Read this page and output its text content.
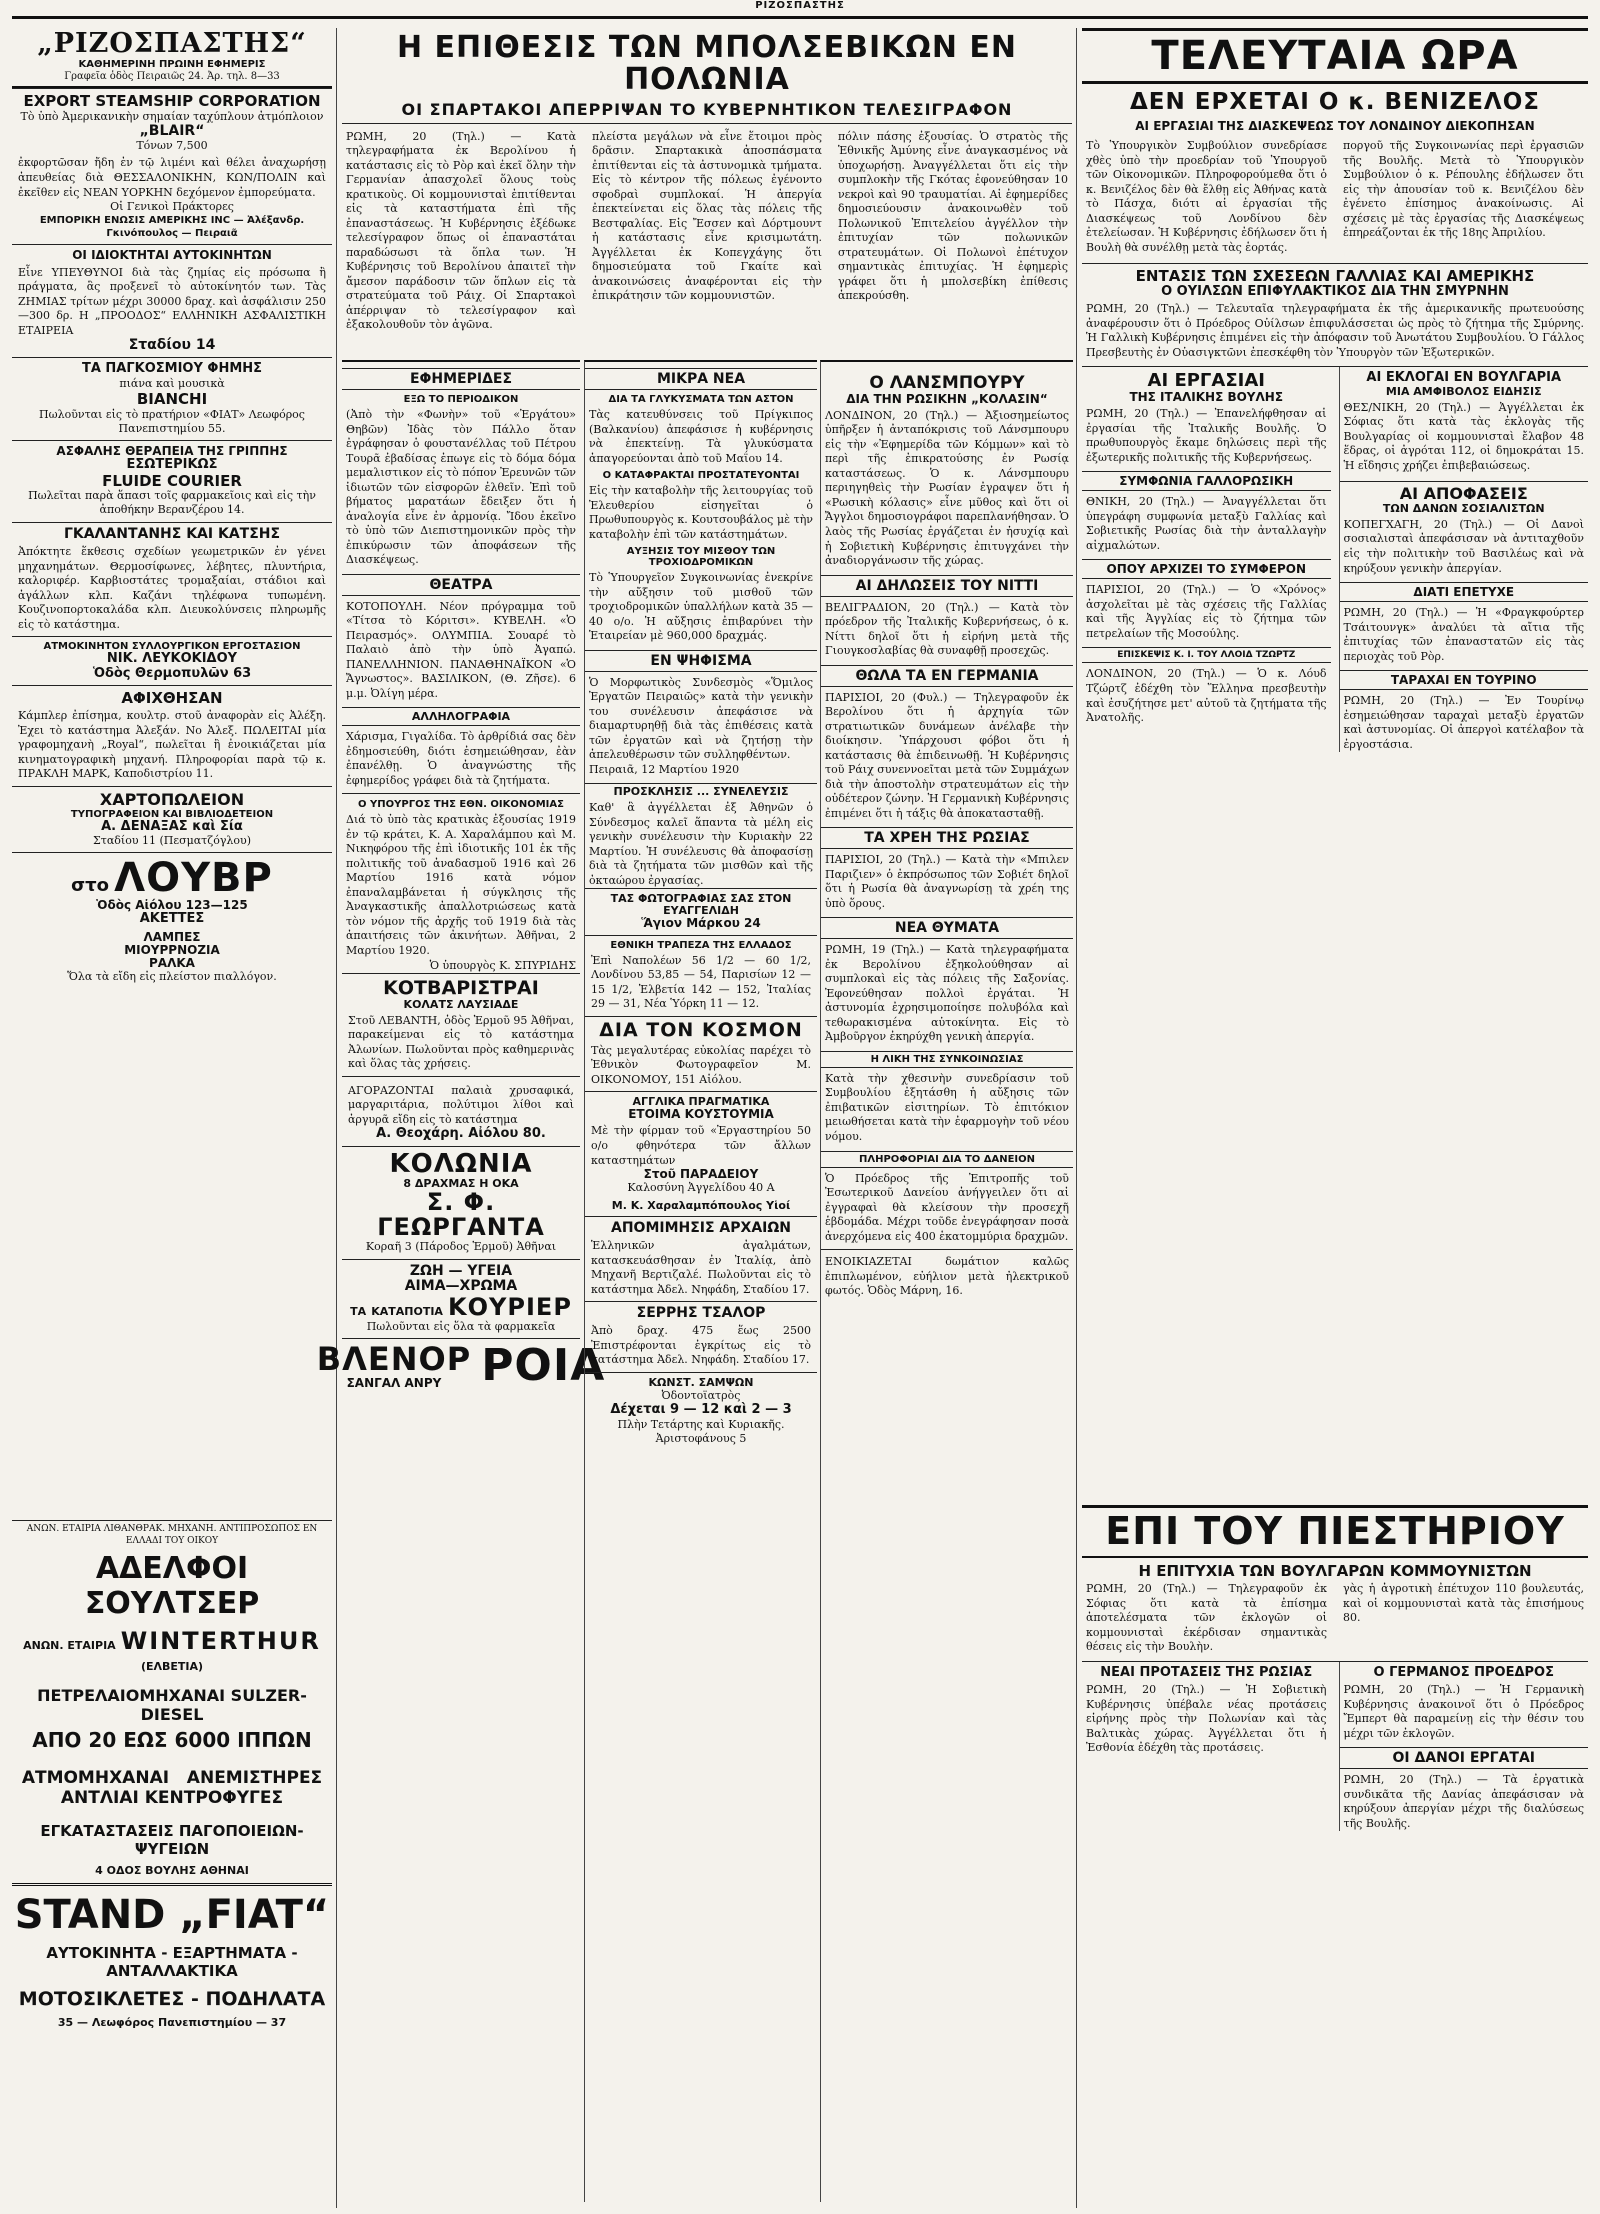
ΡΙΖΟΣΠΑΣΤΗΣ
„ΡΙΖΟΣΠΑΣΤΗΣ“
ΚΑΘΗΜΕΡΙΝΗ ΠΡΩΙΝΗ ΕΦΗΜΕΡΙΣ
Γραφεῖα ὁδὸς Πειραιῶς 24. Ἀρ. τηλ. 8—33
EXPORT STEAMSHIP CORPORATION
Τὸ ὑπὸ Ἀμερικανικὴν σημαίαν ταχύπλουν ἀτμόπλοιον
„BLAIR“
Τόνων 7,500
ἐκφορτῶσαν ἤδη ἐν τῷ λιμένι καὶ θέλει ἀναχωρήσῃ ἀπευθείας διὰ ΘΕΣΣΑΛΟΝΙΚΗΝ, ΚΩΝ/ΠΟΛΙΝ καὶ ἐκεῖθεν εἰς ΝΕΑΝ ΥΟΡΚΗΝ δεχόμενον ἐμπορεύματα.
Οἱ Γενικοὶ Πράκτορες
ΕΜΠΟΡΙΚΗ ΕΝΩΣΙΣ ΑΜΕΡΙΚΗΣ INC — Ἀλέξανδρ. Γκινόπουλος — Πειραιᾶ
ΟΙ ΙΔΙΟΚΤΗΤΑΙ ΑΥΤΟΚΙΝΗΤΩΝ
Εἶνε ΥΠΕΥΘΥΝΟΙ διὰ τὰς ζημίας εἰς πρόσωπα ἢ πράγματα, ἃς προξενεῖ τὸ αὐτοκίνητόν των. Τὰς ΖΗΜΙΑΣ τρίτων μέχρι 30000 δραχ. καὶ ἀσφάλισιν 250—300 δρ. Η „ΠΡΟΟΔΟΣ“ ΕΛΛΗΝΙΚΗ ΑΣΦΑΛΙΣΤΙΚΗ ΕΤΑΙΡΕΙΑ
Σταδίου 14
ΤΑ ΠΑΓΚΟΣΜΙΟΥ ΦΗΜΗΣ
πιάνα καὶ μουσικὰ
BIANCHI
Πωλοῦνται εἰς τὸ πρατήριον «ΦΙΑΤ» Λεωφόρος Πανεπιστημίου 55.
ΑΣΦΑΛΗΣ ΘΕΡΑΠΕΙΑ ΤΗΣ ΓΡΙΠΠΗΣ
ΕΣΩΤΕΡΙΚΩΣ
FLUIDE COURIER
Πωλεῖται παρὰ ἅπασι τοῖς φαρμακεῖοις καὶ εἰς τὴν ἀποθήκην Βερανζέρου 14.
ΓΚΑΛΑΝΤΑΝΗΣ ΚΑΙ ΚΑΤΣΗΣ
Ἀπόκτητε ἕκθεσις σχεδίων γεωμετρικῶν ἐν γένει μηχανημάτων. Θερμοσίφωνες, λέβητες, πλυντήρια, καλοριφέρ. Καρβιοστάτες τρομαξαίαι, στάδιοι καὶ ἀγάλλων κλπ. Καζάνι τηλέφωνα τυπωμένη. Κουζινοπορτοκαλάδα κλπ. Διευκολύνσεις πληρωμῆς εἰς τὸ κατάστημα.
ΑΤΜΟΚΙΝΗΤΟΝ ΣΥΛΛΟΥΡΓΙΚΟΝ ΕΡΓΟΣΤΑΣΙΟΝ
ΝΙΚ. ΛΕΥΚΟΚΙΔΟΥ
Ὁδὸς Θερμοπυλῶν 63
ΑΦΙΧΘΗΣΑΝ
Κάμπλερ ἐπίσημα, κουλτρ. στοῦ ἀναφορὰν εἰς Ἀλέξη. Ἐχει τὸ κατάστημα Ἀλεξάν. Νο Ἀλεξ. ΠΩΛΕΙΤΑΙ μία γραφομηχανὴ „Royal“, πωλεῖται ἢ ἐνοικιάζεται μία κινηματογραφικὴ μηχανή. Πληροφορίαι παρὰ τῷ κ. ΠΡΑΚΛΗ ΜΑΡΚ, Καποδιστρίου 11.
ΧΑΡΤΟΠΩΛΕΙΟΝ
ΤΥΠΟΓΡΑΦΕΙΟΝ ΚΑΙ ΒΙΒΛΙΟΔΕΤΕΙΟΝ
Α. ΔΕΝΑΞΑΣ καὶ Σία
Σταδίου 11 (Πεσματζόγλου)
στο ΛΟΥΒΡ
Ὁδὸς Αἰόλου 123—125
ΑΚΕΤΤΕΣ
ΛΑΜΠΕΣ
ΜΙΟΥΡΡΝΟΖΙΑ
ΡΑΛΚΑ
Ὅλα τὰ εἴδη εἰς πλείστον πιαλλόγον.
ΑΝΩΝ. ΕΤΑΙΡΙΑ ΛΙΘΑΝΘΡΑΚ. ΜΗΧΑΝΗ. ΑΝΤΙΠΡΟΣΩΠΟΣ ΕΝ ΕΛΛΑΔΙ ΤΟΥ ΟΙΚΟΥ
ΑΔΕΛΦΟΙ ΣΟΥΛΤΣΕΡ
ΑΝΩΝ. ΕΤΑΙΡΙΑ WINTERTHUR (ΕΛΒΕΤΙΑ)
ΠΕΤΡΕΛΑΙΟΜΗΧΑΝΑΙ SULZER-DIESEL
ΑΠΟ 20 ΕΩΣ 6000 ΙΠΠΩΝ
ΑΤΜΟΜΗΧΑΝΑΙ   ΑΝΕΜΙΣΤΗΡΕΣ
ΑΝΤΛΙΑΙ ΚΕΝΤΡΟΦΥΓΕΣ
ΕΓΚΑΤΑΣΤΑΣΕΙΣ ΠΑΓΟΠΟΙΕΙΩΝ-ΨΥΓΕΙΩΝ
4 ΟΔΟΣ ΒΟΥΛΗΣ ΑΘΗΝΑΙ
STAND „FIAT“
ΑΥΤΟΚΙΝΗΤΑ - ΕΞΑΡΤΗΜΑΤΑ - ΑΝΤΑΛΛΑΚΤΙΚΑ
ΜΟΤΟΣΙΚΛΕΤΕΣ - ΠΟΔΗΛΑΤΑ
35 — Λεωφόρος Πανεπιστημίου — 37
Η ΕΠΙΘΕΣΙΣ ΤΩΝ ΜΠΟΛΣΕΒΙΚΩΝ ΕΝ ΠΟΛΩΝΙΑ
ΟΙ ΣΠΑΡΤΑΚΟΙ ΑΠΕΡΡΙΨΑΝ ΤΟ ΚΥΒΕΡΝΗΤΙΚΟΝ ΤΕΛΕΣΙΓΡΑΦΟΝ
ΡΩΜΗ, 20 (Τηλ.) — Κατὰ τηλεγραφήματα ἐκ Βερολίνου ἡ κατάστασις εἰς τὸ Ρὸρ καὶ ἐκεῖ ὅλην τὴν Γερμανίαν ἀπασχολεῖ ὅλους τοὺς κρατικοὺς. Οἱ κομμουνισταὶ ἐπιτίθενται εἰς τὰ καταστήματα ἐπὶ τῆς ἐπαναστάσεως. Ἡ Κυβέρνησις ἐξέδωκε τελεσίγραφον ὅπως οἱ ἐπαναστάται παραδώσωσι τὰ ὅπλα των. Ἡ Κυβέρνησις τοῦ Βερολίνου ἀπαιτεῖ τὴν ἄμεσον παράδοσιν τῶν ὅπλων εἰς τὰ στρατεύματα τοῦ Ράιχ. Οἱ Σπαρτακοὶ ἀπέρριψαν τὸ τελεσίγραφον καὶ ἐξακολουθοῦν τὸν ἀγῶνα.
πλείστα μεγάλων νὰ εἶνε ἕτοιμοι πρὸς δρᾶσιν. Σπαρτακικὰ ἀποσπάσματα ἐπιτίθενται εἰς τὰ ἀστυνομικὰ τμήματα. Εἰς τὸ κέντρον τῆς πόλεως ἐγένοντο σφοδραὶ συμπλοκαί. Ἡ ἀπεργία ἐπεκτείνεται εἰς ὅλας τὰς πόλεις τῆς Βεστφαλίας. Εἰς Ἔσσεν καὶ Δόρτμουντ ἡ κατάστασις εἶνε κρισιμωτάτη. Ἀγγέλλεται ἐκ Κοπεγχάγης ὅτι δημοσιεύματα τοῦ Γκαίτε καὶ ἀνακοινώσεις ἀναφέρονται εἰς τὴν ἐπικράτησιν τῶν κομμουνιστῶν.
πόλιν πάσης ἐξουσίας. Ὁ στρατὸς τῆς Ἑθνικῆς Ἀμύνης εἶνε ἀναγκασμένος νὰ ὑποχωρήσῃ. Ἀναγγέλλεται ὅτι εἰς τὴν συμπλοκὴν τῆς Γκότας ἐφονεύθησαν 10 νεκροὶ καὶ 90 τραυματίαι. Αἱ ἐφημερίδες δημοσιεύουσιν ἀνακοινωθὲν τοῦ Πολωνικοῦ Ἐπιτελείου ἀγγέλλον τὴν ἐπιτυχίαν τῶν πολωνικῶν στρατευμάτων. Οἱ Πολωνοὶ ἐπέτυχον σημαντικὰς ἐπιτυχίας. Ἡ ἐφημερὶς γράφει ὅτι ἡ μπολσεβίκη ἐπίθεσις ἀπεκρούσθη.
ΕΦΗΜΕΡΙΔΕΣ
ΕΞΩ ΤΟ ΠΕΡΙΟΔΙΚΟΝ
(Ἀπὸ τὴν «Φωνὴν» τοῦ «Ἐργάτου» Θηβῶν) Ἰδὰς τὸν Πάλλο ὅταν ἐγράφησαν ὁ φουστανέλλας τοῦ Πέτρου Τουρᾶ ἐβαδίσας ἐπωγε εἰς τὸ δόμα δόμα μεμαλιστικον εἰς τὸ πόπον Ἐρευνῶν τῶν ἰδιωτῶν τῶν εἰσφορῶν ἐλθεῖν. Ἐπὶ τοῦ βήματος μαρατάων ἔδειξεν ὅτι ἡ ἀναλογία εἶνε ἐν ἀρμονίᾳ. Ἴδου ἐκεῖνο τὸ ὑπὸ τῶν Διεπιστημονικῶν πρὸς τὴν ἐπικύρωσιν τῶν ἀποφάσεων τῆς Διασκέψεως.
ΘΕΑΤΡΑ
ΚΟΤΟΠΟΥΛΗ. Νέον πρόγραμμα τοῦ «Τίτσα τὸ Κόριτσι». ΚΥΒΕΛΗ. «Ὁ Πειρασμός». ΟΛΥΜΠΙΑ. Σουαρέ τὸ Παλαιὸ ἀπὸ τὴν ὑπὸ Ἀγαπώ. ΠΑΝΕΛΛΗΝΙΟΝ. ΠΑΝΑΘΗΝΑΪΚΟΝ «Ὁ Ἄγνωστος». ΒΑΣΙΛΙΚΟΝ, (Θ. Ζῆσε). 6 μ.μ. Ὀλίγη μέρα.
ΑΛΛΗΛΟΓΡΑΦΙΑ
Χάρισμα, Γιγαλίδα. Τὸ ἀρθρίδιά σας δὲν ἐδημοσιεύθη, διότι ἐσημειώθησαν, ἐὰν ἐπανέλθῃ. Ὁ ἀναγνώστης τῆς ἐφημερίδος γράφει διὰ τὰ ζητήματα.
Ο ΥΠΟΥΡΓΟΣ ΤΗΣ ΕΘΝ. ΟΙΚΟΝΟΜΙΑΣ
Διά τὸ ὑπὸ τὰς κρατικὰς ἐξουσίας 1919 ἐν τῷ κράτει, Κ. Α. Χαραλάμπου καὶ Μ. Νικηφόρου τῆς ἐπὶ ἰδιοτικῆς 101 ἐκ τῆς πολιτικῆς τοῦ ἀναδασμοῦ 1916 καὶ 26 Μαρτίου 1916 κατὰ νόμον ἐπαναλαμβάνεται ἡ σύγκλησις τῆς Ἀναγκαστικῆς ἀπαλλοτριώσεως κατὰ τὸν νόμον τῆς ἀρχῆς τοῦ 1919 διὰ τὰς ἀπαιτήσεις τῶν ἀκινήτων. Ἀθῆναι, 2 Μαρτίου 1920.
Ὁ ὑπουργὸς Κ. ΣΠΥΡΙΔΗΣ
ΚΟΤΒΑΡΙΣΤΡΑΙ
ΚΟΛΑΤΣ ΛΑΥΣΙΑΔΕ
Στοῦ ΛΕΒΑΝΤΗ, ὁδὸς Ἑρμοῦ 95 Ἀθῆναι, παρακείμεναι εἰς τὸ κατάστημα Ἀλωνίων. Πωλοῦνται πρὸς καθημερινὰς καὶ ὅλας τὰς χρήσεις.
ΑΓΟΡΑΖΟΝΤΑΙ παλαιὰ χρυσαφικά, μαργαριτάρια, πολύτιμοι λίθοι καὶ ἀργυρᾶ εἴδη εἰς τὸ κατάστημα
Α. Θεοχάρη. Αἰόλου 80.
ΚΟΛΩΝΙΑ
8 ΔΡΑΧΜΑΣ Η ΟΚΑ
Σ. Φ. ΓΕΩΡΓΑΝΤΑ
Κοραῆ 3 (Πάροδος Ἑρμοῦ) Ἀθῆναι
ΖΩΗ — ΥΓΕΙΑ
ΑΙΜΑ—ΧΡΩΜΑ
ΤΑ ΚΑΤΑΠΟΤΙΑ ΚΟΥΡΙΕΡ
Πωλοῦνται εἰς ὅλα τὰ φαρμακεῖα
ΒΛΕΝΟΡ
ΣΑΝΓΑΛ ΑΝΡΥ ΡΟΙΑ
ΜΙΚΡΑ ΝΕΑ
ΔΙΑ ΤΑ ΓΛΥΚΥΣΜΑΤΑ ΤΩΝ ΑΣΤΟΝ
Τὰς κατευθύνσεις τοῦ Πρίγκιπος (Βαλκανίου) ἀπεφάσισε ἡ κυβέρνησις νὰ ἐπεκτείνῃ. Τὰ γλυκύσματα ἀπαγορεύονται ἀπὸ τοῦ Μαΐου 14.
Ο ΚΑΤΑΦΡΑΚΤΑΙ ΠΡΟΣΤΑΤΕΥΟΝΤΑΙ
Εἰς τὴν καταβολὴν τῆς λειτουργίας τοῦ Ἐλευθερίου εἰσηγεῖται ὁ Πρωθυπουργὸς κ. Κουτσουβάλος μὲ τὴν καταβολὴν ἐπὶ τῶν κατάστημάτων.
ΑΥΞΗΣΙΣ ΤΟΥ ΜΙΣΘΟΥ ΤΩΝ ΤΡΟΧΙΟΔΡΟΜΙΚΩΝ
Τὸ Ὑπουργεῖον Συγκοινωνίας ἐνεκρίνε τὴν αὔξησιν τοῦ μισθοῦ τῶν τροχιοδρομικῶν ὑπαλλήλων κατὰ 35 — 40 ο/ο. Ἡ αὔξησις ἐπιβαρύνει τὴν Ἑταιρείαν μὲ 960,000 δραχμάς.
ΕΝ ΨΗΦΙΣΜΑ
Ὁ Μορφωτικὸς Συνδεσμὸς «Ὅμιλος Ἐργατῶν Πειραιῶς» κατὰ τὴν γενικὴν του συνέλευσιν ἀπεφάσισε νὰ διαμαρτυρηθῇ διὰ τὰς ἐπιθέσεις κατὰ τῶν ἐργατῶν καὶ νὰ ζητήσῃ τὴν ἀπελευθέρωσιν τῶν συλληφθέντων.
Πειραιᾶ, 12 Μαρτίου 1920
ΠΡΟΣΚΛΗΣΙΣ ... ΣΥΝΕΛΕΥΣΙΣ
Καθ' ἃ ἀγγέλλεται ἐξ Ἀθηνῶν ὁ Σύνδεσμος καλεῖ ἅπαντα τὰ μέλη εἰς γενικὴν συνέλευσιν τὴν Κυριακὴν 22 Μαρτίου. Ἡ συνέλευσις θὰ ἀποφασίσῃ διὰ τὰ ζητήματα τῶν μισθῶν καὶ τῆς ὀκταώρου ἐργασίας.
ΤΑΣ ΦΩΤΟΓΡΑΦΙΑΣ ΣΑΣ ΣΤΟΝ ΕΥΑΓΓΕΛΙΔΗ
Ἅγιον Μάρκου 24
ΕΘΝΙΚΗ ΤΡΑΠΕΖΑ ΤΗΣ ΕΛΛΑΔΟΣ
Ἐπὶ Ναπολέων 56 1/2 — 60 1/2, Λονδίνου 53,85 — 54, Παρισίων 12 — 15 1/2, Ἑλβετία 142 — 152, Ἰταλίας 29 — 31, Νέα Ὑόρκη 11 — 12.
ΔΙΑ ΤΟΝ ΚΟΣΜΟΝ
Τὰς μεγαλυτέρας εὐκολίας παρέχει τὸ Ἐθνικὸν Φωτογραφεῖον Μ. ΟΙΚΟΝΟΜΟΥ, 151 Αἰόλου.
ΑΓΓΛΙΚΑ ΠΡΑΓΜΑΤΙΚΑ
ΕΤΟΙΜΑ ΚΟΥΣΤΟΥΜΙΑ
Μὲ τὴν φίρμαν τοῦ «Ἐργαστηρίου 50 ο/ο φθηνότερα τῶν ἄλλων καταστημάτων
Στοῦ ΠΑΡΑΔΕΙΟΥ
Καλοσύνη Ἀγγελίδου 40 Α
Μ. Κ. Χαραλαμπόπουλος Υἱοί
ΑΠΟΜΙΜΗΣΙΣ ΑΡΧΑΙΩΝ
Ἑλληνικῶν ἀγαλμάτων, κατασκευάσθησαν ἐν Ἰταλίᾳ, ἀπὸ Μηχανῆ Βερτιζαλέ. Πωλοῦνται εἰς τὸ κατάστημα Ἀδελ. Νηφάδη, Σταδίου 17.
ΣΕΡΡΗΣ ΤΣΑΛΟΡ
Ἀπὸ δραχ. 475 ἕως 2500 Ἐπιστρέφονται ἐγκρίτως εἰς τὸ κατάστημα Ἀδελ. Νηφάδη. Σταδίου 17.
ΚΩΝΣΤ. ΣΑΜΨΩΝ
Ὀδοντοϊατρὸς
Δέχεται 9 — 12 καὶ 2 — 3
Πλὴν Τετάρτης καὶ Κυριακῆς. Ἀριστοφάνους 5
Ο ΛΑΝΣΜΠΟΥΡΥ
ΔΙΑ ΤΗΝ ΡΩΣΙΚΗΝ „ΚΟΛΑΣΙΝ“
ΛΟΝΔΙΝΟΝ, 20 (Τηλ.) — Ἀξιοσημείωτος ὑπῆρξεν ἡ ἀνταπόκρισις τοῦ Λάνσμπουρυ εἰς τὴν «Ἐφημερίδα τῶν Κόμμων» καὶ τὸ περὶ τῆς ἐπικρατούσης ἐν Ρωσίᾳ καταστάσεως. Ὁ κ. Λάνσμπουρυ περιηγηθεὶς τὴν Ρωσίαν ἐγραψεν ὅτι ἡ «Ρωσικὴ κόλασις» εἶνε μῦθος καὶ ὅτι οἱ Ἄγγλοι δημοσιογράφοι παρεπλανήθησαν. Ὁ λαὸς τῆς Ρωσίας ἐργάζεται ἐν ἡσυχίᾳ καὶ ἡ Σοβιετικὴ Κυβέρνησις ἐπιτυγχάνει τὴν ἀναδιοργάνωσιν τῆς χώρας.
ΑΙ ΔΗΛΩΣΕΙΣ ΤΟΥ ΝΙΤΤΙ
ΒΕΛΙΓΡΑΔΙΟΝ, 20 (Τηλ.) — Κατὰ τὸν πρόεδρον τῆς Ἰταλικῆς Κυβερνήσεως, ὁ κ. Νίττι δηλοῖ ὅτι ἡ εἰρήνη μετὰ τῆς Γιουγκοσλαβίας θὰ συναφθῇ προσεχῶς.
ΘΩΛΑ ΤΑ ΕΝ ΓΕΡΜΑΝΙΑ
ΠΑΡΙΣΙΟΙ, 20 (Φυλ.) — Τηλεγραφοῦν ἐκ Βερολίνου ὅτι ἡ ἀρχηγία τῶν στρατιωτικῶν δυνάμεων ἀνέλαβε τὴν διοίκησιν. Ὑπάρχουσι φόβοι ὅτι ἡ κατάστασις θὰ ἐπιδεινωθῇ. Ἡ Κυβέρνησις τοῦ Ράιχ συνεννοεῖται μετὰ τῶν Συμμάχων διὰ τὴν ἀποστολὴν στρατευμάτων εἰς τὴν οὐδέτερον ζώνην. Ἡ Γερμανικὴ Κυβέρνησις ἐπιμένει ὅτι ἡ τάξις θὰ ἀποκατασταθῇ.
ΤΑ ΧΡΕΗ ΤΗΣ ΡΩΣΙΑΣ
ΠΑΡΙΣΙΟΙ, 20 (Τηλ.) — Κατὰ τὴν «Μπιλεν Παριζιεν» ὁ ἐκπρόσωπος τῶν Σοβιέτ δηλοῖ ὅτι ἡ Ρωσία θὰ ἀναγνωρίσῃ τὰ χρέη της ὑπὸ ὅρους.
ΝΕΑ ΘΥΜΑΤΑ
ΡΩΜΗ, 19 (Τηλ.) — Κατὰ τηλεγραφήματα ἐκ Βερολίνου ἐξηκολούθησαν αἱ συμπλοκαὶ εἰς τὰς πόλεις τῆς Σαξονίας. Ἐφονεύθησαν πολλοὶ ἐργάται. Ἡ ἀστυνομία ἐχρησιμοποίησε πολυβόλα καὶ τεθωρακισμένα αὐτοκίνητα. Εἰς τὸ Ἀμβοῦργον ἐκηρύχθη γενικὴ ἀπεργία.
Η ΛΙΚΗ ΤΗΣ ΣΥΝΚΟΙΝΩΣΙΑΣ
Κατὰ τὴν χθεσινὴν συνεδρίασιν τοῦ Συμβουλίου ἐξητάσθη ἡ αὔξησις τῶν ἐπιβατικῶν εἰσιτηρίων. Τὸ ἐπιτόκιον μειωθήσεται κατὰ τὴν ἐφαρμογὴν τοῦ νέου νόμου.
ΠΛΗΡΟΦΟΡΙΑΙ ΔΙΑ ΤΟ ΔΑΝΕΙΟΝ
Ὁ Πρόεδρος τῆς Ἐπιτροπῆς τοῦ Ἐσωτερικοῦ Δανείου ἀνήγγειλεν ὅτι αἱ ἐγγραφαὶ θὰ κλείσουν τὴν προσεχῆ ἑβδομάδα. Μέχρι τοῦδε ἐνεγράφησαν ποσὰ ἀνερχόμενα εἰς 400 ἑκατομμύρια δραχμῶν.
ΕΝΟΙΚΙΑΖΕΤΑΙ δωμάτιον καλῶς ἐπιπλωμένον, εὐήλιον μετὰ ἠλεκτρικοῦ φωτός. Ὁδὸς Μάρνη, 16.
ΤΕΛΕΥΤΑΙΑ ΩΡΑ
ΔΕΝ ΕΡΧΕΤΑΙ Ο κ. ΒΕΝΙΖΕΛΟΣ
ΑΙ ΕΡΓΑΣΙΑΙ ΤΗΣ ΔΙΑΣΚΕΨΕΩΣ ΤΟΥ ΛΟΝΔΙΝΟΥ ΔΙΕΚΟΠΗΣΑΝ
Τὸ Ὑπουργικὸν Συμβούλιον συνεδρίασε χθὲς ὑπὸ τὴν προεδρίαν τοῦ Ὑπουργοῦ τῶν Οἰκονομικῶν. Πληροφορούμεθα ὅτι ὁ κ. Βενιζέλος δὲν θὰ ἔλθῃ εἰς Ἀθήνας κατὰ τὸ Πάσχα, διότι αἱ ἐργασίαι τῆς Διασκέψεως τοῦ Λονδίνου δὲν ἐτελείωσαν. Ἡ Κυβέρνησις ἐδήλωσεν ὅτι ἡ Βουλὴ θὰ συνέλθῃ μετὰ τὰς ἑορτάς.
ποργοῦ τῆς Συγκοινωνίας περὶ ἐργασιῶν τῆς Βουλῆς. Μετὰ τὸ Ὑπουργικὸν Συμβούλιον ὁ κ. Ρέπουλης ἐδήλωσεν ὅτι εἰς τὴν ἀπουσίαν τοῦ κ. Βενιζέλου δὲν ἐγένετο ἐπίσημος ἀνακοίνωσις. Αἱ σχέσεις μὲ τὰς ἐργασίας τῆς Διασκέψεως ἐπηρεάζονται ἐκ τῆς 18ης Ἀπριλίου.
ΕΝΤΑΣΙΣ ΤΩΝ ΣΧΕΣΕΩΝ ΓΑΛΛΙΑΣ ΚΑΙ ΑΜΕΡΙΚΗΣ
Ο ΟΥΙΛΣΩΝ ΕΠΙΦΥΛΑΚΤΙΚΟΣ ΔΙΑ ΤΗΝ ΣΜΥΡΝΗΝ
ΡΩΜΗ, 20 (Τηλ.) — Τελευταῖα τηλεγραφήματα ἐκ τῆς ἀμερικανικῆς πρωτευούσης ἀναφέρουσιν ὅτι ὁ Πρόεδρος Οὐίλσων ἐπιφυλάσσεται ὡς πρὸς τὸ ζήτημα τῆς Σμύρνης. Ἡ Γαλλικὴ Κυβέρνησις ἐπιμένει εἰς τὴν ἀπόφασιν τοῦ Ἀνωτάτου Συμβουλίου. Ὁ Γάλλος Πρεσβευτὴς ἐν Οὐασιγκτῶνι ἐπεσκέφθη τὸν Ὑπουργὸν τῶν Ἐξωτερικῶν.
ΑΙ ΕΡΓΑΣΙΑΙ
ΤΗΣ ΙΤΑΛΙΚΗΣ ΒΟΥΛΗΣ
ΡΩΜΗ, 20 (Τηλ.) — Ἐπανελήφθησαν αἱ ἐργασίαι τῆς Ἰταλικῆς Βουλῆς. Ὁ πρωθυπουργὸς ἔκαμε δηλώσεις περὶ τῆς ἐξωτερικῆς πολιτικῆς τῆς Κυβερνήσεως.
ΣΥΜΦΩΝΙΑ ΓΑΛΛΟΡΩΣΙΚΗ
ΘΝΙΚΗ, 20 (Τηλ.) — Ἀναγγέλλεται ὅτι ὑπεγράφη συμφωνία μεταξὺ Γαλλίας καὶ Σοβιετικῆς Ρωσίας διὰ τὴν ἀνταλλαγὴν αἰχμαλώτων.
ΟΠΟΥ ΑΡΧΙΖΕΙ ΤΟ ΣΥΜΦΕΡΟΝ
ΠΑΡΙΣΙΟΙ, 20 (Τηλ.) — Ὁ «Χρόνος» ἀσχολεῖται μὲ τὰς σχέσεις τῆς Γαλλίας καὶ τῆς Ἀγγλίας εἰς τὸ ζήτημα τῶν πετρελαίων τῆς Μοσούλης.
ΕΠΙΣΚΕΨΙΣ Κ. Ι. ΤΟΥ ΛΛΟΙΔ ΤΖΩΡΤΖ
ΛΟΝΔΙΝΟΝ, 20 (Τηλ.) — Ὁ κ. Λόυδ Τζώρτζ ἐδέχθη τὸν Ἕλληνα πρεσβευτὴν καὶ ἐσυζήτησε μετ' αὐτοῦ τὰ ζητήματα τῆς Ἀνατολῆς.
ΑΙ ΕΚΛΟΓΑΙ ΕΝ ΒΟΥΛΓΑΡΙΑ
ΜΙΑ ΑΜΦΙΒΟΛΟΣ ΕΙΔΗΣΙΣ
ΘΕΣ/ΝΙΚΗ, 20 (Τηλ.) — Ἀγγέλλεται ἐκ Σόφιας ὅτι κατὰ τὰς ἐκλογὰς τῆς Βουλγαρίας οἱ κομμουνισταὶ ἔλαβον 48 ἕδρας, οἱ ἀγρόται 112, οἱ δημοκράται 15. Ἡ εἴδησις χρήζει ἐπιβεβαιώσεως.
ΑΙ ΑΠΟΦΑΣΕΙΣ
ΤΩΝ ΔΑΝΩΝ ΣΟΣΙΑΛΙΣΤΩΝ
ΚΟΠΕΓΧΑΓΗ, 20 (Τηλ.) — Οἱ Δανοὶ σοσιαλισταὶ ἀπεφάσισαν νὰ ἀντιταχθοῦν εἰς τὴν πολιτικὴν τοῦ Βασιλέως καὶ νὰ κηρύξουν γενικὴν ἀπεργίαν.
ΔΙΑΤΙ ΕΠΕΤΥΧΕ
ΡΩΜΗ, 20 (Τηλ.) — Ἡ «Φραγκφούρτερ Τσάιτουνγκ» ἀναλύει τὰ αἴτια τῆς ἐπιτυχίας τῶν ἐπαναστατῶν εἰς τὰς περιοχὰς τοῦ Ρὸρ.
ΤΑΡΑΧΑΙ ΕΝ ΤΟΥΡΙΝΟ
ΡΩΜΗ, 20 (Τηλ.) — Ἐν Τουρίνῳ ἐσημειώθησαν ταραχαὶ μεταξὺ ἐργατῶν καὶ ἀστυνομίας. Οἱ ἀπεργοὶ κατέλαβον τὰ ἐργοστάσια.
ΕΠΙ ΤΟΥ ΠΙΕΣΤΗΡΙΟΥ
Η ΕΠΙΤΥΧΙΑ ΤΩΝ ΒΟΥΛΓΑΡΩΝ ΚΟΜΜΟΥΝΙΣΤΩΝ
ΡΩΜΗ, 20 (Τηλ.) — Τηλεγραφοῦν ἐκ Σόφιας ὅτι κατὰ τὰ ἐπίσημα ἀποτελέσματα τῶν ἐκλογῶν οἱ κομμουνισταὶ ἐκέρδισαν σημαντικὰς θέσεις εἰς τὴν Βουλὴν.
γὰς ἡ ἀγροτικὴ ἐπέτυχον 110 βουλευτάς, καὶ οἱ κομμουνισταὶ κατὰ τὰς ἐπισήμους 80.
ΝΕΑΙ ΠΡΟΤΑΣΕΙΣ ΤΗΣ ΡΩΣΙΑΣ
ΡΩΜΗ, 20 (Τηλ.) — Ἡ Σοβιετικὴ Κυβέρνησις ὑπέβαλε νέας προτάσεις εἰρήνης πρὸς τὴν Πολωνίαν καὶ τὰς Βαλτικὰς χώρας. Ἀγγέλλεται ὅτι ἡ Ἐσθονία ἐδέχθη τὰς προτάσεις.
Ο ΓΕΡΜΑΝΟΣ ΠΡΟΕΔΡΟΣ
ΡΩΜΗ, 20 (Τηλ.) — Ἡ Γερμανικὴ Κυβέρνησις ἀνακοινοῖ ὅτι ὁ Πρόεδρος Ἔμπερτ θὰ παραμείνῃ εἰς τὴν θέσιν του μέχρι τῶν ἐκλογῶν.
ΟΙ ΔΑΝΟΙ ΕΡΓΑΤΑΙ
ΡΩΜΗ, 20 (Τηλ.) — Τὰ ἐργατικὰ συνδικᾶτα τῆς Δανίας ἀπεφάσισαν νὰ κηρύξουν ἀπεργίαν μέχρι τῆς διαλύσεως τῆς Βουλῆς.
